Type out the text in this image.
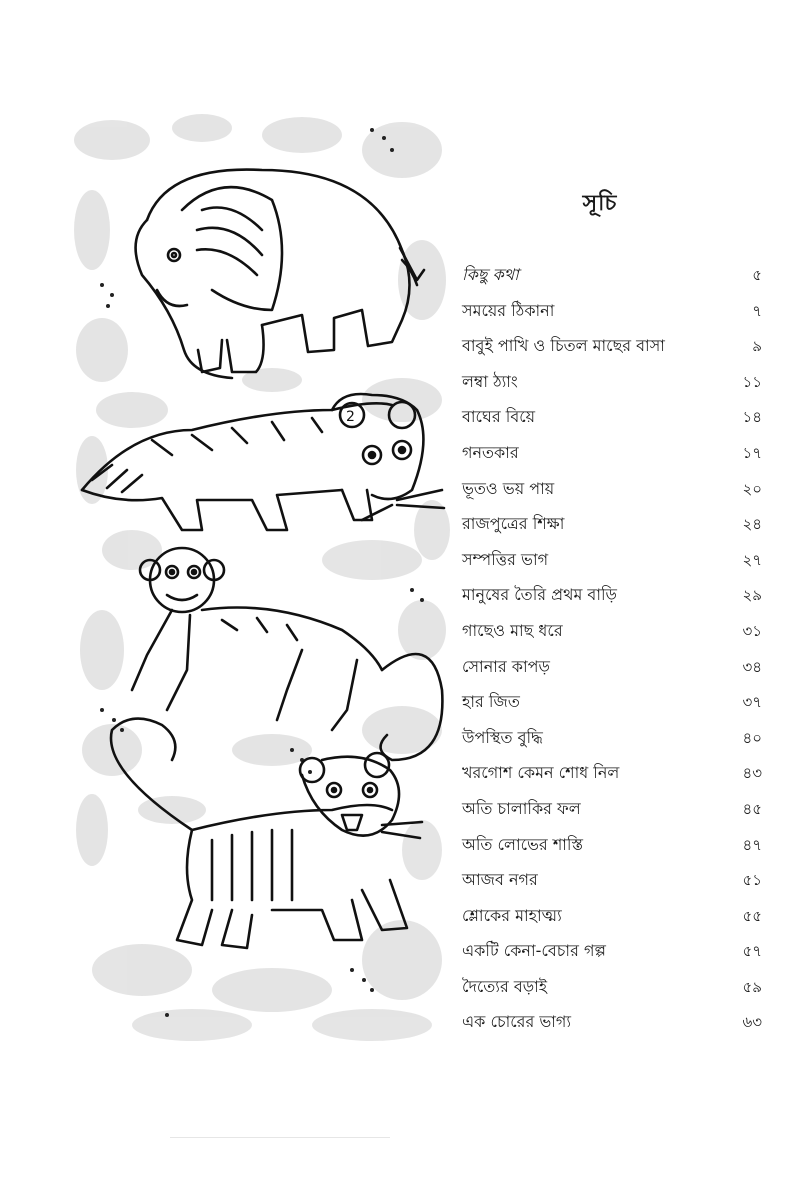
2
সূচি
কিছু কথা	৫
সময়ের ঠিকানা	৭
বাবুই পাখি ও চিতল মাছের বাসা	৯
লম্বা ঠ্যাং	১১
বাঘের বিয়ে	১৪
গনতকার	১৭
ভূতও ভয় পায়	২০
রাজপুত্রের শিক্ষা	২৪
সম্পত্তির ভাগ	২৭
মানুষের তৈরি প্রথম বাড়ি	২৯
গাছেও মাছ ধরে	৩১
সোনার কাপড়	৩৪
হার জিত	৩৭
উপস্থিত বুদ্ধি	৪০
খরগোশ কেমন শোধ নিল	৪৩
অতি চালাকির ফল	৪৫
অতি লোভের শাস্তি	৪৭
আজব নগর	৫১
শ্লোকের মাহাত্ম্য	৫৫
একটি কেনা-বেচার গল্প	৫৭
দৈত্যের বড়াই	৫৯
এক চোরের ভাগ্য	৬৩
